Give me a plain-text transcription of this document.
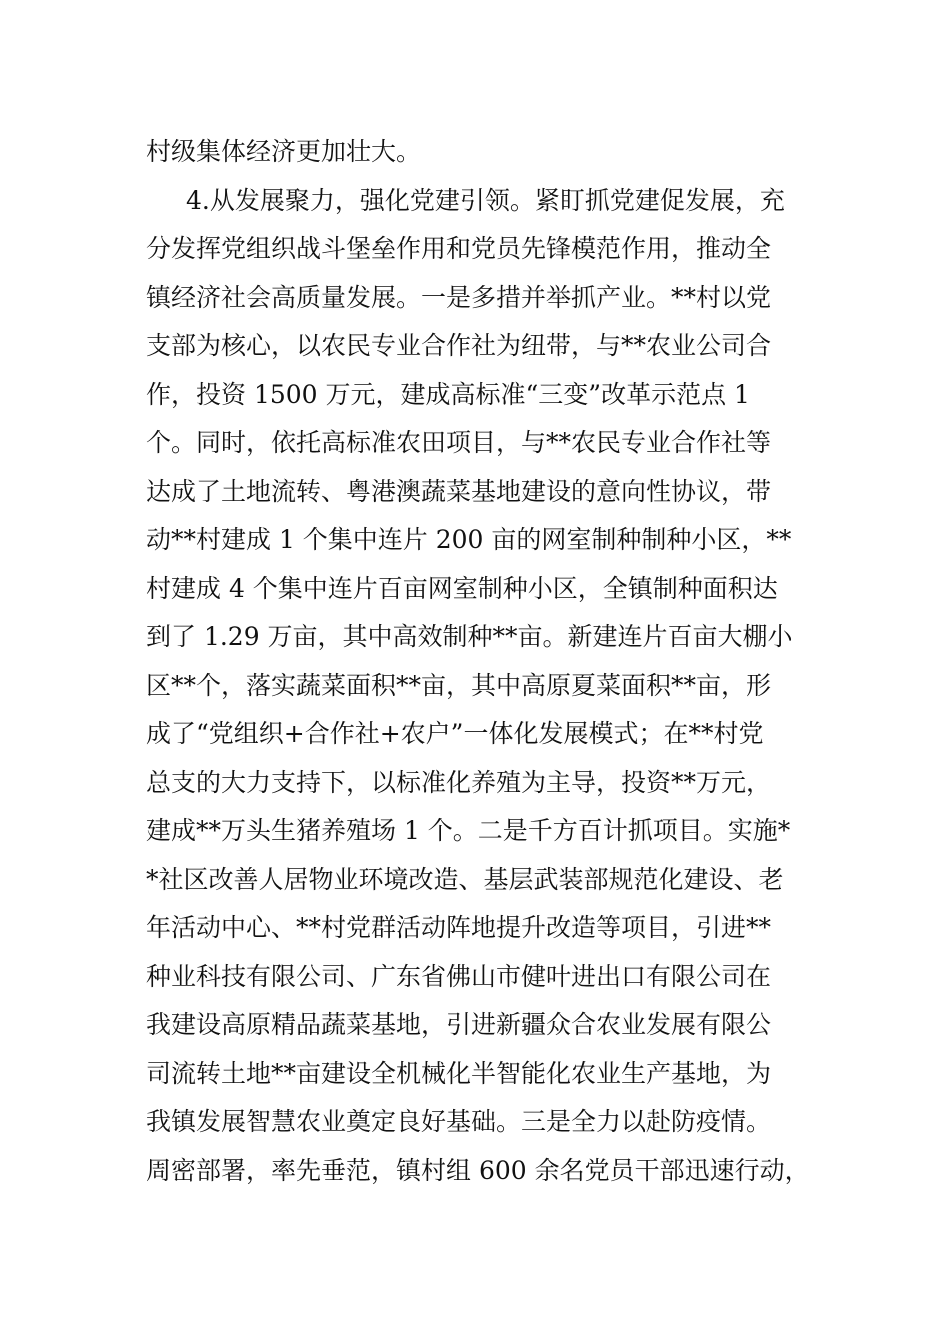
村级集体经济更加壮大。
4.从发展聚力，强化党建引领。紧盯抓党建促发展，充
分发挥党组织战斗堡垒作用和党员先锋模范作用，推动全
镇经济社会高质量发展。一是多措并举抓产业。**村以党
支部为核心，以农民专业合作社为纽带，与**农业公司合
作，投资 1500 万元，建成高标准“三变”改革示范点 1
个。同时，依托高标准农田项目，与**农民专业合作社等
达成了土地流转、粤港澳蔬菜基地建设的意向性协议，带
动**村建成 1 个集中连片 200 亩的网室制种制种小区，**
村建成 4 个集中连片百亩网室制种小区，全镇制种面积达
到了 1.29 万亩，其中高效制种**亩。新建连片百亩大棚小
区**个，落实蔬菜面积**亩，其中高原夏菜面积**亩，形
成了“党组织+合作社+农户”一体化发展模式；在**村党
总支的大力支持下，以标准化养殖为主导，投资**万元，
建成**万头生猪养殖场 1 个。二是千方百计抓项目。实施*
*社区改善人居物业环境改造、基层武装部规范化建设、老
年活动中心、**村党群活动阵地提升改造等项目，引进**
种业科技有限公司、广东省佛山市健叶进出口有限公司在
我建设高原精品蔬菜基地，引进新疆众合农业发展有限公
司流转土地**亩建设全机械化半智能化农业生产基地，为
我镇发展智慧农业奠定良好基础。三是全力以赴防疫情。
周密部署，率先垂范，镇村组 600 余名党员干部迅速行动，
